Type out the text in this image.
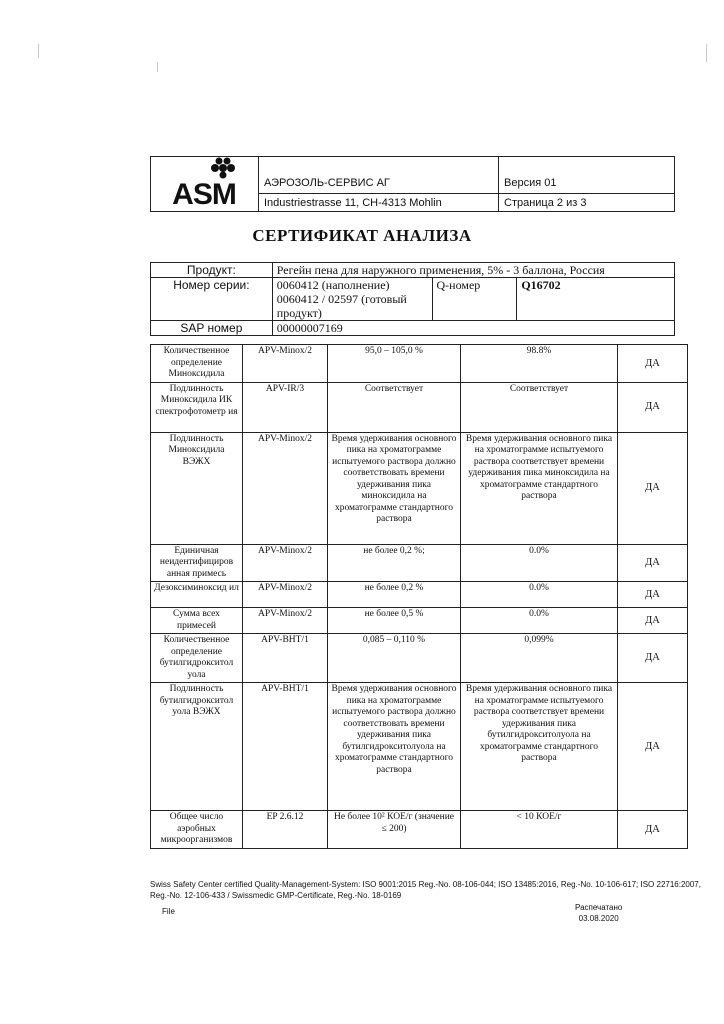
ASM	АЭРОЗОЛЬ-СЕРВИС АГ
Industriestrasse 11, CH-4313 Mohlin
Версия 01
Страница 2 из 3
СЕРТИФИКАТ АНАЛИЗА
Продукт:	Регейн пена для наружного применения, 5% - 3 баллона, Россия		
Номер серии:	0060412 (наполнение)
0060412 / 02597 (готовый продукт)	Q-номер	Q16702
SAP номер	00000007169		
Количественное определение Миноксидила	APV-Minox/2	95,0 – 105,0 %	98.8%	ДА
Подлинность Миноксидила ИК спектрофотометр ия	APV-IR/3	Соответствует	Соответствует	ДА
Подлинность Миноксидила ВЭЖХ	APV-Minox/2	Время удерживания основного пика на хроматограмме испытуемого раствора должно соответствовать времени удерживания пика миноксидила на хроматограмме стандартного раствора	Время удерживания основного пика на хроматограмме испытуемого раствора соответствует времени удерживания пика миноксидила на хроматограмме стандартного раствора	ДА
Единичная неидентифициров анная примесь	APV-Minox/2	не более 0,2 %;	0.0%	ДА
Дезоксиминоксид ил	APV-Minox/2	не более 0,2 %	0.0%	ДА
Сумма всех примесей	APV-Minox/2	не более 0,5 %	0.0%	ДА
Количественное определение бутилгидрокситол уола	APV-BHT/1	0,085 – 0,110 %	0,099%	ДА
Подлинность бутилгидрокситол уола ВЭЖХ	APV-BHT/1	Время удерживания основного пика на хроматограмме испытуемого раствора должно соответствовать времени удерживания пика бутилгидрокситолуола на хроматограмме стандартного раствора	Время удерживания основного пика на хроматограмме испытуемого раствора соответствует времени удерживания пика бутилгидрокситолуола на хроматограмме стандартного раствора	ДА
Общее число аэробных микроорганизмов	EP 2.6.12	Не более 10² КОЕ/г (значение ≤ 200)	< 10 КОЕ/г	ДА
Swiss Safety Center certified Quality-Management-System: ISO 9001:2015 Reg.-No. 08-106-044; ISO 13485:2016, Reg.-No. 10-106-617; ISO 22716:2007, Reg.-No. 12-106-433 / Swissmedic GMP-Certificate, Reg.-No. 18-0169
File	Распечатано
03.08.2020
